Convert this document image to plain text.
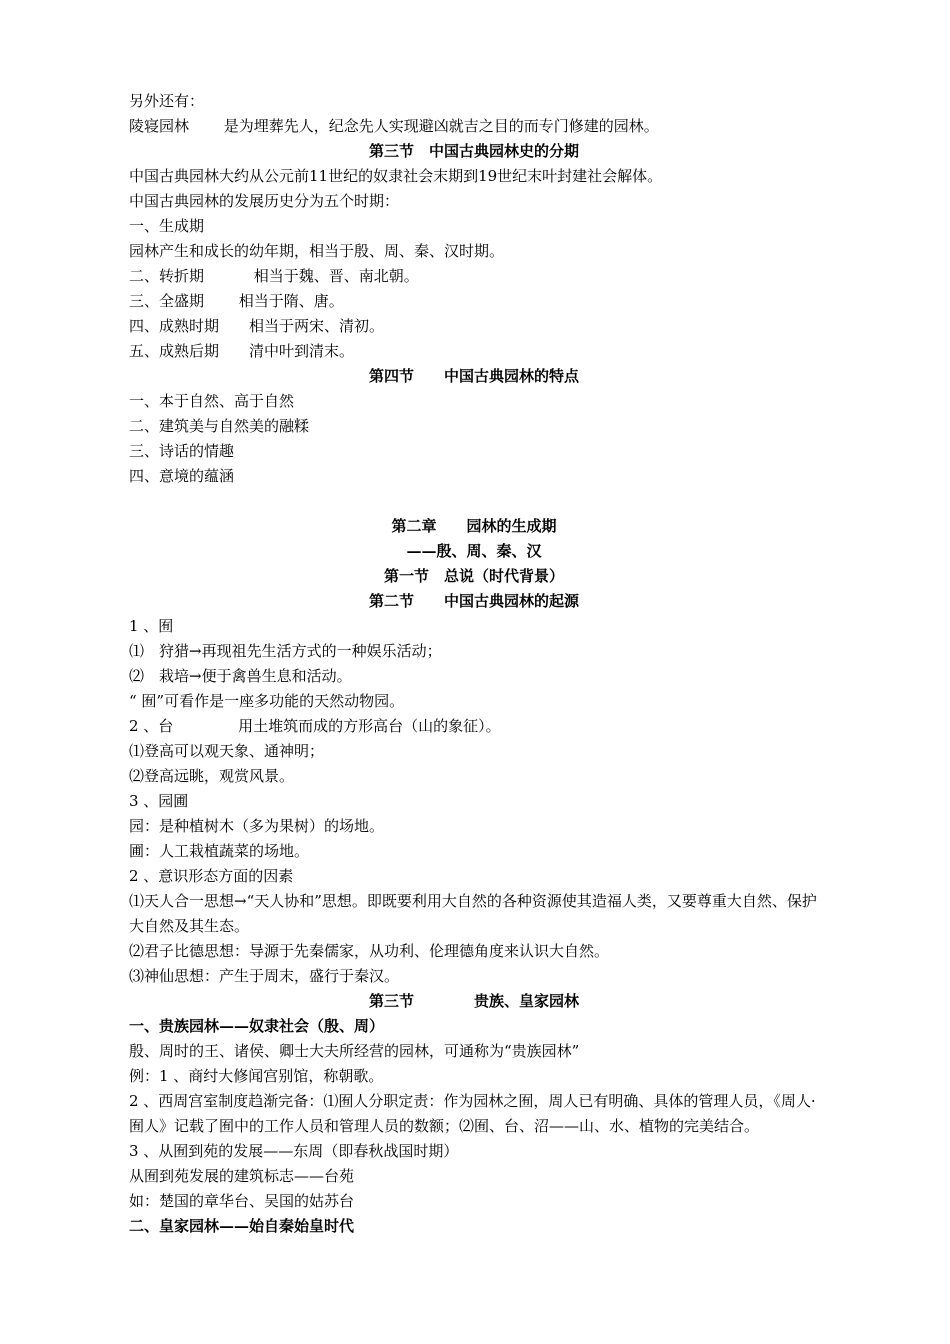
另外还有：
陵寝园林　　 是为埋葬先人，纪念先人实现避凶就吉之目的而专门修建的园林。
第三节　中国古典园林史的分期
中国古典园林大约从公元前11世纪的奴隶社会末期到19世纪末叶封建社会解体。
中国古典园林的发展历史分为五个时期：
一、生成期
园林产生和成长的幼年期，相当于殷、周、秦、汉时期。
二、转折期　　　 相当于魏、晋、南北朝。
三、全盛期　　 相当于隋、唐。
四、成熟时期　　相当于两宋、清初。
五、成熟后期　　清中叶到清末。
第四节　　中国古典园林的特点
一、本于自然、高于自然
二、建筑美与自然美的融糅
三、诗话的情趣
四、意境的蕴涵
第二章　　园林的生成期
——殷、周、秦、汉
第一节　总说（时代背景）
第二节　　中国古典园林的起源
1 、囿
⑴　狩猎→再现祖先生活方式的一种娱乐活动；
⑵　栽培→便于禽兽生息和活动。
“ 囿”可看作是一座多功能的天然动物园。
2 、台　　　　 用土堆筑而成的方形高台（山的象征）。
⑴登高可以观天象、通神明；
⑵登高远眺，观赏风景。
3 、园圃
园：是种植树木（多为果树）的场地。
圃：人工栽植蔬菜的场地。
2 、意识形态方面的因素
⑴天人合一思想→“天人协和”思想。即既要利用大自然的各种资源使其造福人类，又要尊重大自然、保护大自然及其生态。
⑵君子比德思想：导源于先秦儒家，从功利、伦理德角度来认识大自然。
⑶神仙思想：产生于周末，盛行于秦汉。
第三节　　　　贵族、皇家园林
一、贵族园林——奴隶社会（殷、周）
殷、周时的王、诸侯、卿士大夫所经营的园林，可通称为“贵族园林”
例：1 、商纣大修闻宫别馆，称朝歌。
2 、西周宫室制度趋渐完备：⑴囿人分职定责：作为园林之囿，周人已有明确、具体的管理人员，《周人· 囿人》记载了囿中的工作人员和管理人员的数额；⑵囿、台、沼——山、水、植物的完美结合。
3 、从囿到苑的发展——东周（即春秋战国时期）
从囿到苑发展的建筑标志——台苑
如：楚国的章华台、吴国的姑苏台
二、皇家园林——始自秦始皇时代
